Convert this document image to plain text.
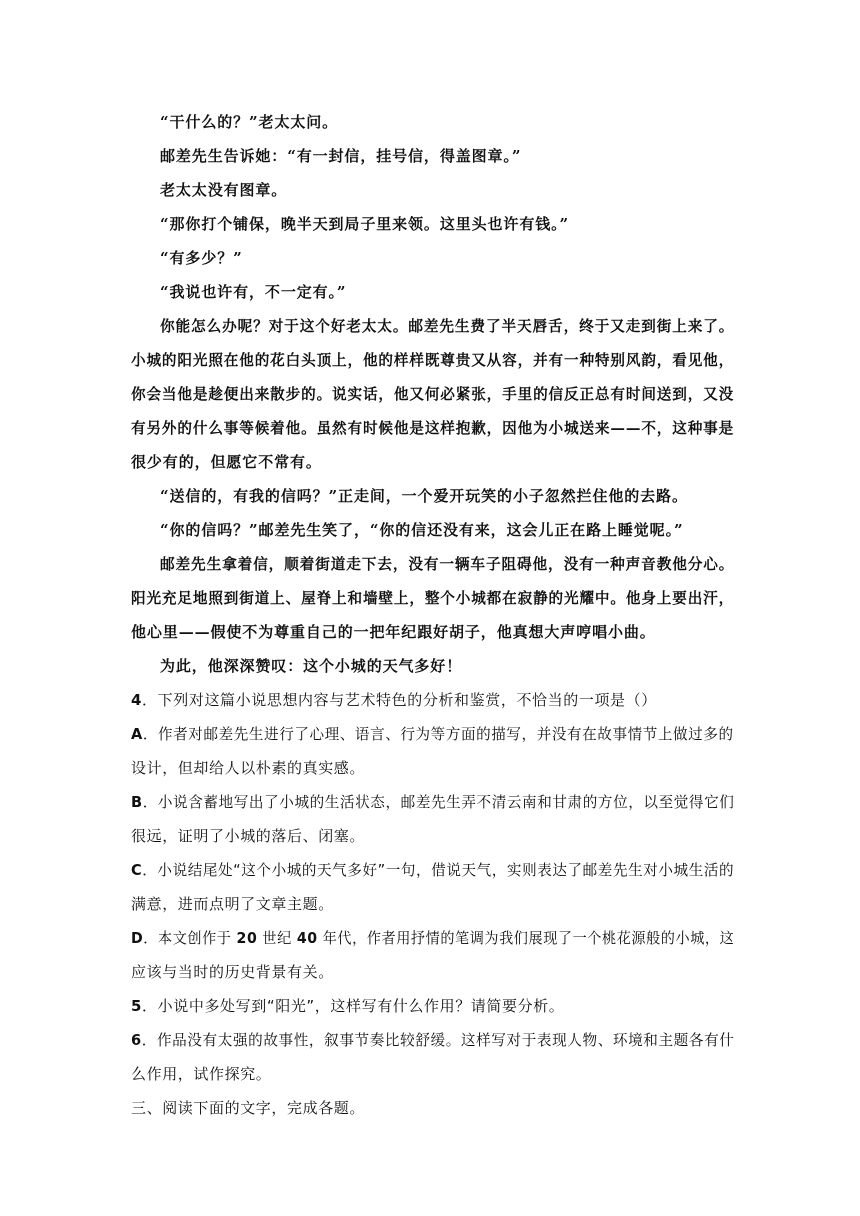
“干什么的？”老太太问。
邮差先生告诉她：“有一封信，挂号信，得盖图章。”
老太太没有图章。
“那你打个铺保，晚半天到局子里来领。这里头也许有钱。”
“有多少？”
“我说也许有，不一定有。”
你能怎么办呢？对于这个好老太太。邮差先生费了半天唇舌，终于又走到街上来了。
小城的阳光照在他的花白头顶上，他的样样既尊贵又从容，并有一种特别风韵，看见他，
你会当他是趁便出来散步的。说实话，他又何必紧张，手里的信反正总有时间送到，又没
有另外的什么事等候着他。虽然有时候他是这样抱歉，因他为小城送来——不，这种事是
很少有的，但愿它不常有。
“送信的，有我的信吗？”正走间，一个爱开玩笑的小子忽然拦住他的去路。
“你的信吗？”邮差先生笑了，“你的信还没有来，这会儿正在路上睡觉呢。”
邮差先生拿着信，顺着街道走下去，没有一辆车子阻碍他，没有一种声音教他分心。
阳光充足地照到街道上、屋脊上和墙壁上，整个小城都在寂静的光耀中。他身上要出汗，
他心里——假使不为尊重自己的一把年纪跟好胡子，他真想大声哼唱小曲。
为此，他深深赞叹：这个小城的天气多好！
4．下列对这篇小说思想内容与艺术特色的分析和鉴赏，不恰当的一项是（）
A．作者对邮差先生进行了心理、语言、行为等方面的描写，并没有在故事情节上做过多的
设计，但却给人以朴素的真实感。
B．小说含蓄地写出了小城的生活状态，邮差先生弄不清云南和甘肃的方位，以至觉得它们
很远，证明了小城的落后、闭塞。
C．小说结尾处“这个小城的天气多好”一句，借说天气，实则表达了邮差先生对小城生活的
满意，进而点明了文章主题。
D．本文创作于 20 世纪 40 年代，作者用抒情的笔调为我们展现了一个桃花源般的小城，这
应该与当时的历史背景有关。
5．小说中多处写到“阳光”，这样写有什么作用？请简要分析。
6．作品没有太强的故事性，叙事节奏比较舒缓。这样写对于表现人物、环境和主题各有什
么作用，试作探究。
三、阅读下面的文字，完成各题。
